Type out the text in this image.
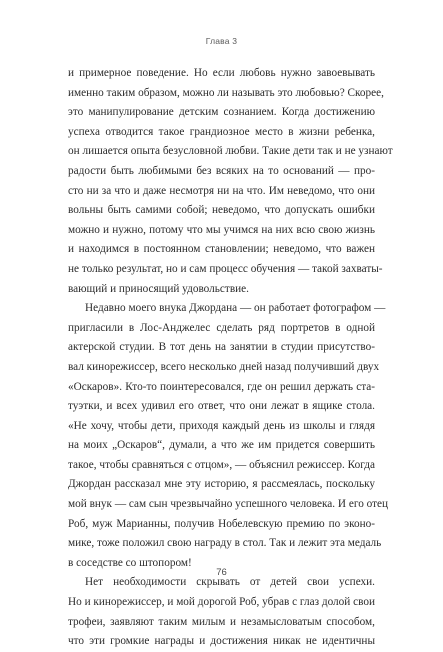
Глава 3
и примерное поведение. Но если любовь нужно завоевывать
именно таким образом, можно ли называть это любовью? Скорее,
это манипулирование детским сознанием. Когда достижению
успеха отводится такое грандиозное место в жизни ребенка,
он лишается опыта безусловной любви. Такие дети так и не узнают
радости быть любимыми без всяких на то оснований — про-
сто ни за что и даже несмотря ни на что. Им неведомо, что они
вольны быть самими собой; неведомо, что допускать ошибки
можно и нужно, потому что мы учимся на них всю свою жизнь
и находимся в постоянном становлении; неведомо, что важен
не только результат, но и сам процесс обучения — такой захваты-
вающий и приносящий удовольствие.
Недавно моего внука Джордана — он работает фотографом —
пригласили в Лос-Анджелес сделать ряд портретов в одной
актерской студии. В тот день на занятии в студии присутство-
вал кинорежиссер, всего несколько дней назад получивший двух
«Оскаров». Кто-то поинтересовался, где он решил держать ста-
туэтки, и всех удивил его ответ, что они лежат в ящике стола.
«Не хочу, чтобы дети, приходя каждый день из школы и глядя
на моих „Оскаров“, думали, а что же им придется совершить
такое, чтобы сравняться с отцом», — объяснил режиссер. Когда
Джордан рассказал мне эту историю, я рассмеялась, поскольку
мой внук — сам сын чрезвычайно успешного человека. И его отец
Роб, муж Марианны, получив Нобелевскую премию по эконо-
мике, тоже положил свою награду в стол. Так и лежит эта медаль
в соседстве со штопором!
Нет необходимости скрывать от детей свои успехи.
Но и кинорежиссер, и мой дорогой Роб, убрав с глаз долой свои
трофеи, заявляют таким милым и незамысловатым способом,
что эти громкие награды и достижения никак не идентичны
76
